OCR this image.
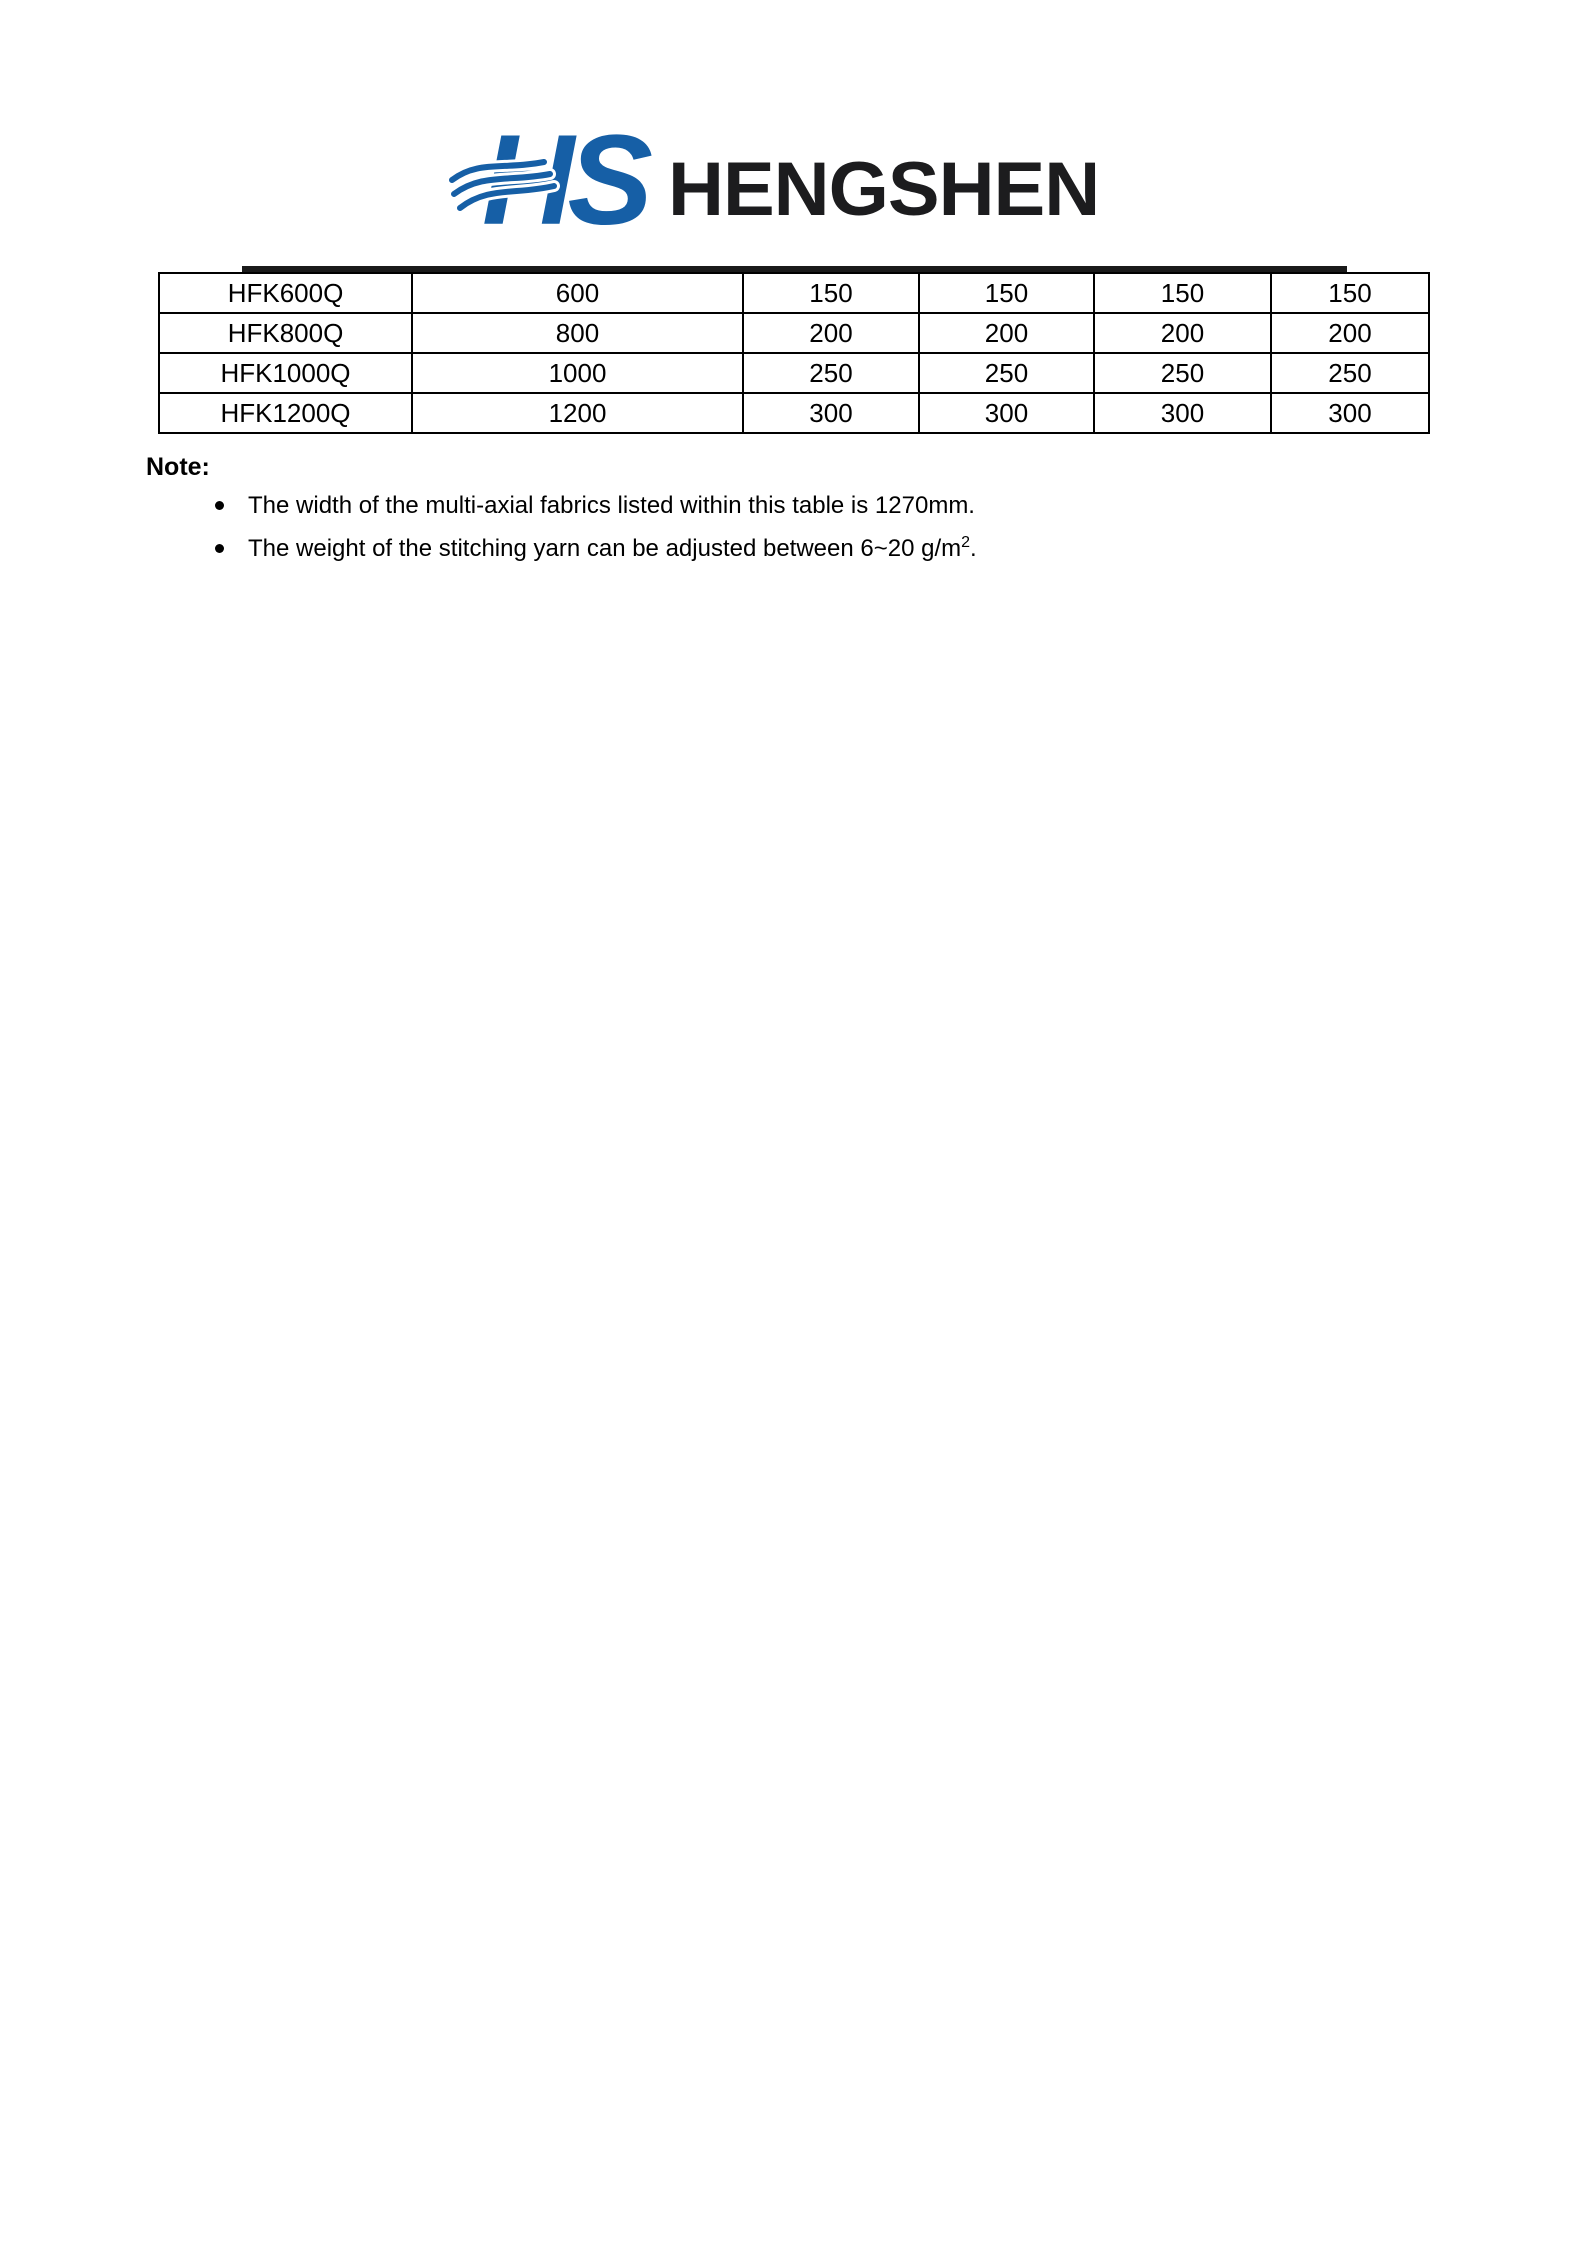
HS HENGSHEN
HFK600Q	600	150	150	150	150
HFK800Q	800	200	200	200	200
HFK1000Q	1000	250	250	250	250
HFK1200Q	1200	300	300	300	300
Note:
The width of the multi-axial fabrics listed within this table is 1270mm.
The weight of the stitching yarn can be adjusted between 6~20 $g/m^2$.
